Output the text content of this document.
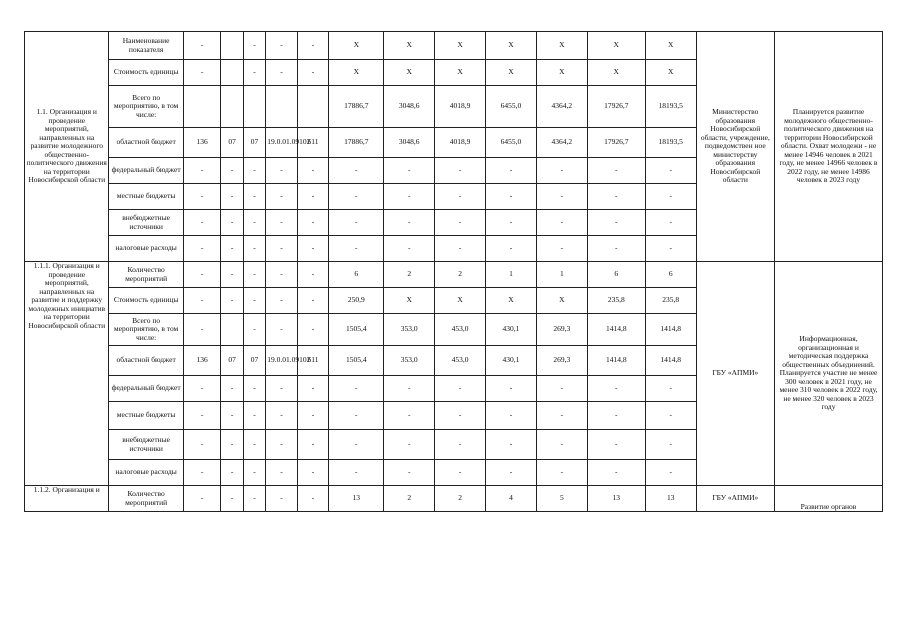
1.1. Организация и проведение мероприятий, направленных на развитие молодежного общественно-политического движения на территории Новосибирской области	Наименование показателя	-		-	-	-	X	X	X	X	X	X	X	Министерство образования Новосибирской области, учреждение, подведомствен ное министерству образования Новосибирской области	Планируется развитие молодежного общественно-политического движения на территории Новосибирской области. Охват молодежи - не менее 14946 человек в 2021 году, не менее 14966 человек в 2022 году, не менее 14986 человек в 2023 году
	Стоимость единицы	-		-	-	-	X	X	X	X	X	X	X		
	Всего по мероприятию, в том числе:						17886,7	3048,6	4018,9	6455,0	4364,2	17926,7	18193,5		
	областной бюджет	136	07	07	19.0.01.09102	611	17886,7	3048,6	4018,9	6455,0	4364,2	17926,7	18193,5		
	федеральный бюджет	-	-	-	-	-	-	-	-	-	-	-	-		
	местные бюджеты	-	-	-	-	-	-	-	-	-	-	-	-		
	внебюджетные источники	-	-	-	-	-	-	-	-	-	-	-	-		
	налоговые расходы	-	-	-	-	-	-	-	-	-	-	-	-		
1.1.1. Организация и проведение мероприятий, направленных на развитие и поддержку молодежных инициатив на территории Новосибирской области	Количество мероприятий	-	-	-	-	-	6	2	2	1	1	6	6	ГБУ «АПМИ»	Информационная, организационная и методическая поддержка общественных объединений. Планируется участие не менее 300 человек в 2021 году, не менее 310 человек в 2022 году, не менее 320 человек в 2023 году
	Стоимость единицы	-	-	-	-	-	250,9	X	X	X	X	235,8	235,8		
	Всего по мероприятию, в том числе:	-		-	-	-	1505,4	353,0	453,0	430,1	269,3	1414,8	1414,8		
	областной бюджет	136	07	07	19.0.01.09102	611	1505,4	353,0	453,0	430,1	269,3	1414,8	1414,8		
	федеральный бюджет	-	-	-	-	-	-	-	-	-	-	-	-		
	местные бюджеты	-	-	-	-	-	-	-	-	-	-	-	-		
	внебюджетные источники	-	-	-	-	-	-	-	-	-	-	-	-		
	налоговые расходы	-	-	-	-	-	-	-	-	-	-	-	-		
1.1.2. Организация и	Количество мероприятий	-	-	-	-	-	13	2	2	4	5	13	13	ГБУ «АПМИ»	Развитие органов
